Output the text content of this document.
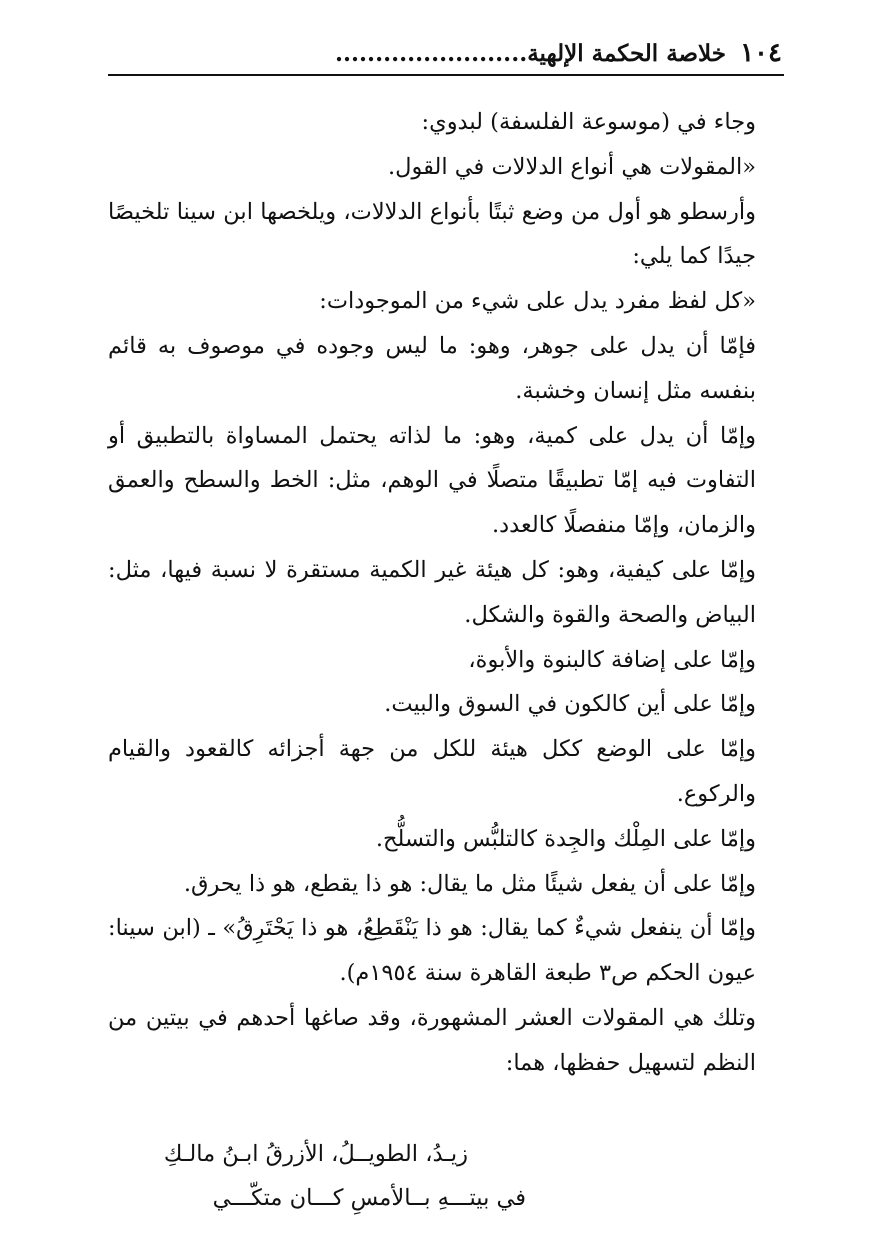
١٠٤
خلاصة الحكمة الإلهية........................

وجاء في (موسوعة الفلسفة) لبدوي:

«المقولات هي أنواع الدلالات في القول.

وأرسطو هو أول من وضع ثبتًا بأنواع الدلالات، ويلخصها ابن سينا تلخيصًا جيدًا كما يلي:

«كل لفظ مفرد يدل على شيء من الموجودات:

فإمّا أن يدل على جوهر، وهو: ما ليس وجوده في موصوف به قائم بنفسه مثل إنسان وخشبة.

وإمّا أن يدل على كمية، وهو: ما لذاته يحتمل المساواة بالتطبيق أو التفاوت فيه إمّا تطبيقًا متصلًا في الوهم، مثل: الخط والسطح والعمق والزمان، وإمّا منفصلًا كالعدد.

وإمّا على كيفية، وهو: كل هيئة غير الكمية مستقرة لا نسبة فيها، مثل: البياض والصحة والقوة والشكل.

وإمّا على إضافة كالبنوة والأبوة،

وإمّا على أين كالكون في السوق والبيت.

وإمّا على الوضع ككل هيئة للكل من جهة أجزائه كالقعود والقيام والركوع.

وإمّا على المِلْك والجِدة كالتلبُّس والتسلُّح.

وإمّا على أن يفعل شيئًا مثل ما يقال: هو ذا يقطع، هو ذا يحرق.

وإمّا أن ينفعل شيءٌ كما يقال: هو ذا يَنْقَطِعُ، هو ذا يَحْتَرِقُ» ـ (ابن سينا: عيون الحكم ص٣ طبعة القاهرة سنة ١٩٥٤م).

وتلك هي المقولات العشر المشهورة، وقد صاغها أحدهم في بيتين من النظم لتسهيل حفظها، هما:

زيـدُ، الطويــلُ، الأزرقُ ابـنُ مالـكِ
في بيتـــهِ بــالأمسِ كـــان متكّـــي
